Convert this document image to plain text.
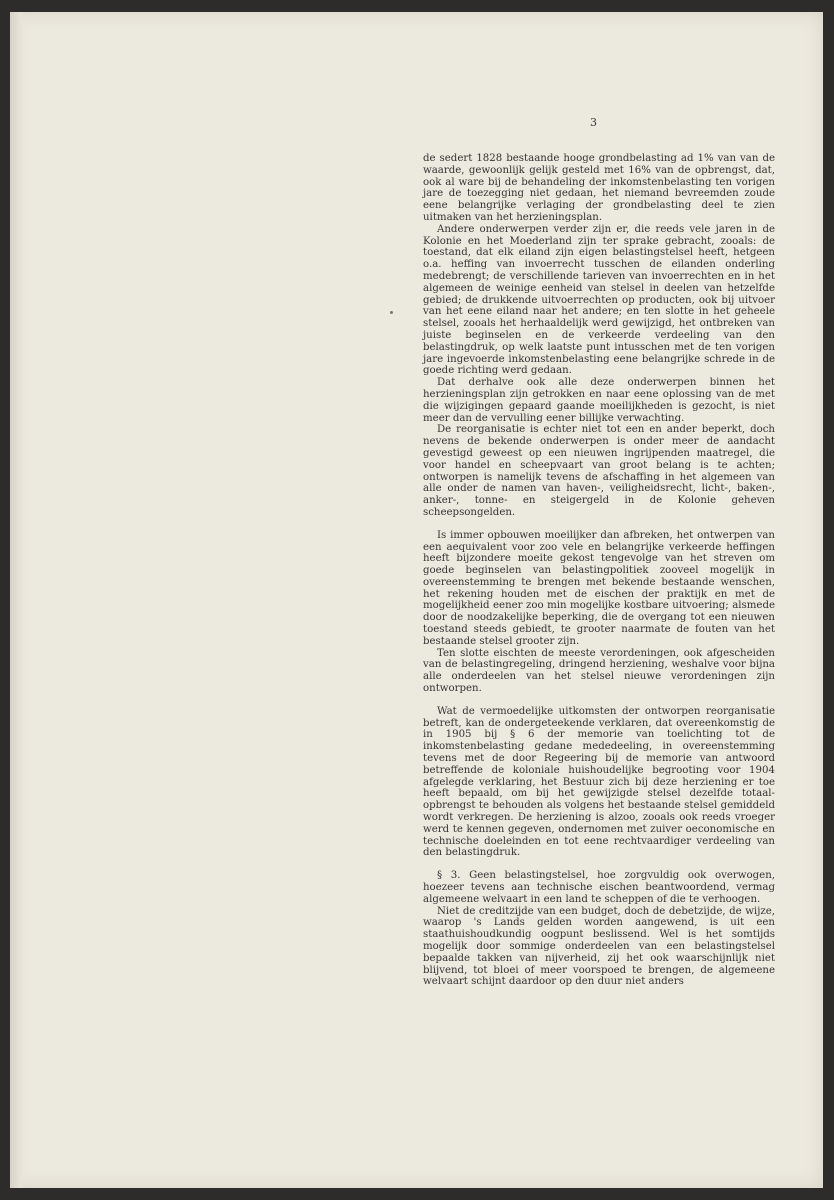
3

de sedert 1828 bestaande hooge grondbelasting ad 1% van van de waarde, gewoonlijk gelijk gesteld met 16% van de opbrengst, dat, ook al ware bij de behandeling der inkomstenbelasting ten vorigen jare de toezegging niet gedaan, het niemand bevreemden zoude eene belangrijke verlaging der grondbelasting deel te zien uitmaken van het herzieningsplan.

Andere onderwerpen verder zijn er, die reeds vele jaren in de Kolonie en het Moederland zijn ter sprake gebracht, zooals: de toestand, dat elk eiland zijn eigen belastingstelsel heeft, hetgeen o.a. heffing van invoerrecht tusschen de eilanden onderling medebrengt; de verschillende tarieven van invoerrechten en in het algemeen de weinige eenheid van stelsel in deelen van hetzelfde gebied; de drukkende uitvoerrechten op producten, ook bij uitvoer van het eene eiland naar het andere; en ten slotte in het geheele stelsel, zooals het herhaaldelijk werd gewijzigd, het ontbreken van juiste beginselen en de verkeerde verdeeling van den belastingdruk, op welk laatste punt intusschen met de ten vorigen jare ingevoerde inkomstenbelasting eene belangrijke schrede in de goede richting werd gedaan.

Dat derhalve ook alle deze onderwerpen binnen het herzieningsplan zijn getrokken en naar eene oplossing van de met die wijzigingen gepaard gaande moeilijkheden is gezocht, is niet meer dan de vervulling eener billijke verwachting.

De reorganisatie is echter niet tot een en ander beperkt, doch nevens de bekende onderwerpen is onder meer de aandacht gevestigd geweest op een nieuwen ingrijpenden maatregel, die voor handel en scheepvaart van groot belang is te achten; ontworpen is namelijk tevens de afschaffing in het algemeen van alle onder de namen van haven-, veiligheidsrecht, licht-, baken-, anker-, tonne- en steigergeld in de Kolonie geheven scheepsongelden.

Is immer opbouwen moeilijker dan afbreken, het ontwerpen van een aequivalent voor zoo vele en belangrijke verkeerde heffingen heeft bijzondere moeite gekost tengevolge van het streven om goede beginselen van belastingpolitiek zooveel mogelijk in overeenstemming te brengen met bekende bestaande wenschen, het rekening houden met de eischen der praktijk en met de mogelijkheid eener zoo min mogelijke kostbare uitvoering; alsmede door de noodzakelijke beperking, die de overgang tot een nieuwen toestand steeds gebiedt, te grooter naarmate de fouten van het bestaande stelsel grooter zijn.

Ten slotte eischten de meeste verordeningen, ook afgescheiden van de belastingregeling, dringend herziening, weshalve voor bijna alle onderdeelen van het stelsel nieuwe verordeningen zijn ontworpen.

Wat de vermoedelijke uitkomsten der ontworpen reorganisatie betreft, kan de ondergeteekende verklaren, dat overeenkomstig de in 1905 bij § 6 der memorie van toelichting tot de inkomstenbelasting gedane mededeeling, in overeenstemming tevens met de door Regeering bij de memorie van antwoord betreffende de koloniale huishoudelijke begrooting voor 1904 afgelegde verklaring, het Bestuur zich bij deze herziening er toe heeft bepaald, om bij het gewijzigde stelsel dezelfde totaal-opbrengst te behouden als volgens het bestaande stelsel gemiddeld wordt verkregen. De herziening is alzoo, zooals ook reeds vroeger werd te kennen gegeven, ondernomen met zuiver oeconomische en technische doeleinden en tot eene rechtvaardiger verdeeling van den belastingdruk.

§ 3. Geen belastingstelsel, hoe zorgvuldig ook overwogen, hoezeer tevens aan technische eischen beantwoordend, vermag algemeene welvaart in een land te scheppen of die te verhoogen.

Niet de creditzijde van een budget, doch de debetzijde, de wijze, waarop 's Lands gelden worden aangewend, is uit een staathuishoudkundig oogpunt beslissend. Wel is het somtijds mogelijk door sommige onderdeelen van een belastingstelsel bepaalde takken van nijverheid, zij het ook waarschijnlijk niet blijvend, tot bloei of meer voorspoed te brengen, de algemeene welvaart schijnt daardoor op den duur niet anders
